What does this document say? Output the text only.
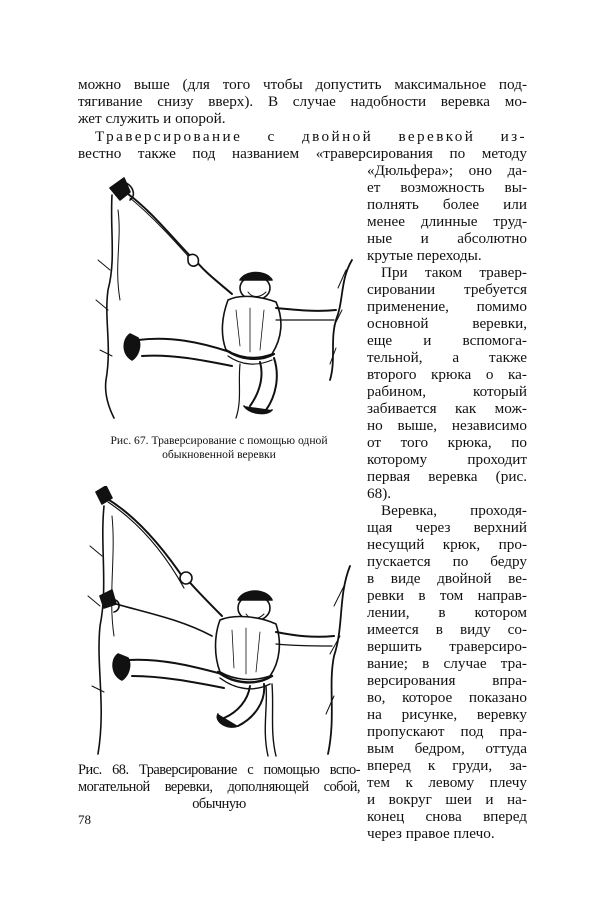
можно выше (для того чтобы допустить максимальное под-
тягивание снизу вверх). В случае надобности веревка мо-
жет служить и опорой.
Траверсирование с двойной веревкой из-
вестно также под названием «траверсирования по методу
«Дюльфера»; оно да-
ет возможность вы-
полнять более или
менее длинные труд-
ные и абсолютно
крутые переходы.
При таком травер-
сировании требуется
применение, помимо
основной веревки,
еще и вспомога-
тельной, а также
второго крюка о ка-
рабином, который
забивается как мож-
но выше, независимо
от того крюка, по
которому проходит
первая веревка (рис.
68).
Веревка, проходя-
щая через верхний
несущий крюк, про-
пускается по бедру
в виде двойной ве-
ревки в том направ-
лении, в котором
имеется в виду со-
вершить траверсиро-
вание; в случае тра-
версирования впра-
во, которое показано
на рисунке, веревку
пропускают под пра-
вым бедром, оттуда
вперед к груди, за-
тем к левому плечу
и вокруг шеи и на-
конец снова вперед
через правое плечо.
Рис. 67. Траверсирование с помощью одной
обыкновенной веревки
Рис. 68. Траверсирование с помощью вспо-
могательной веревки, дополняющей собой,
обычную
78
